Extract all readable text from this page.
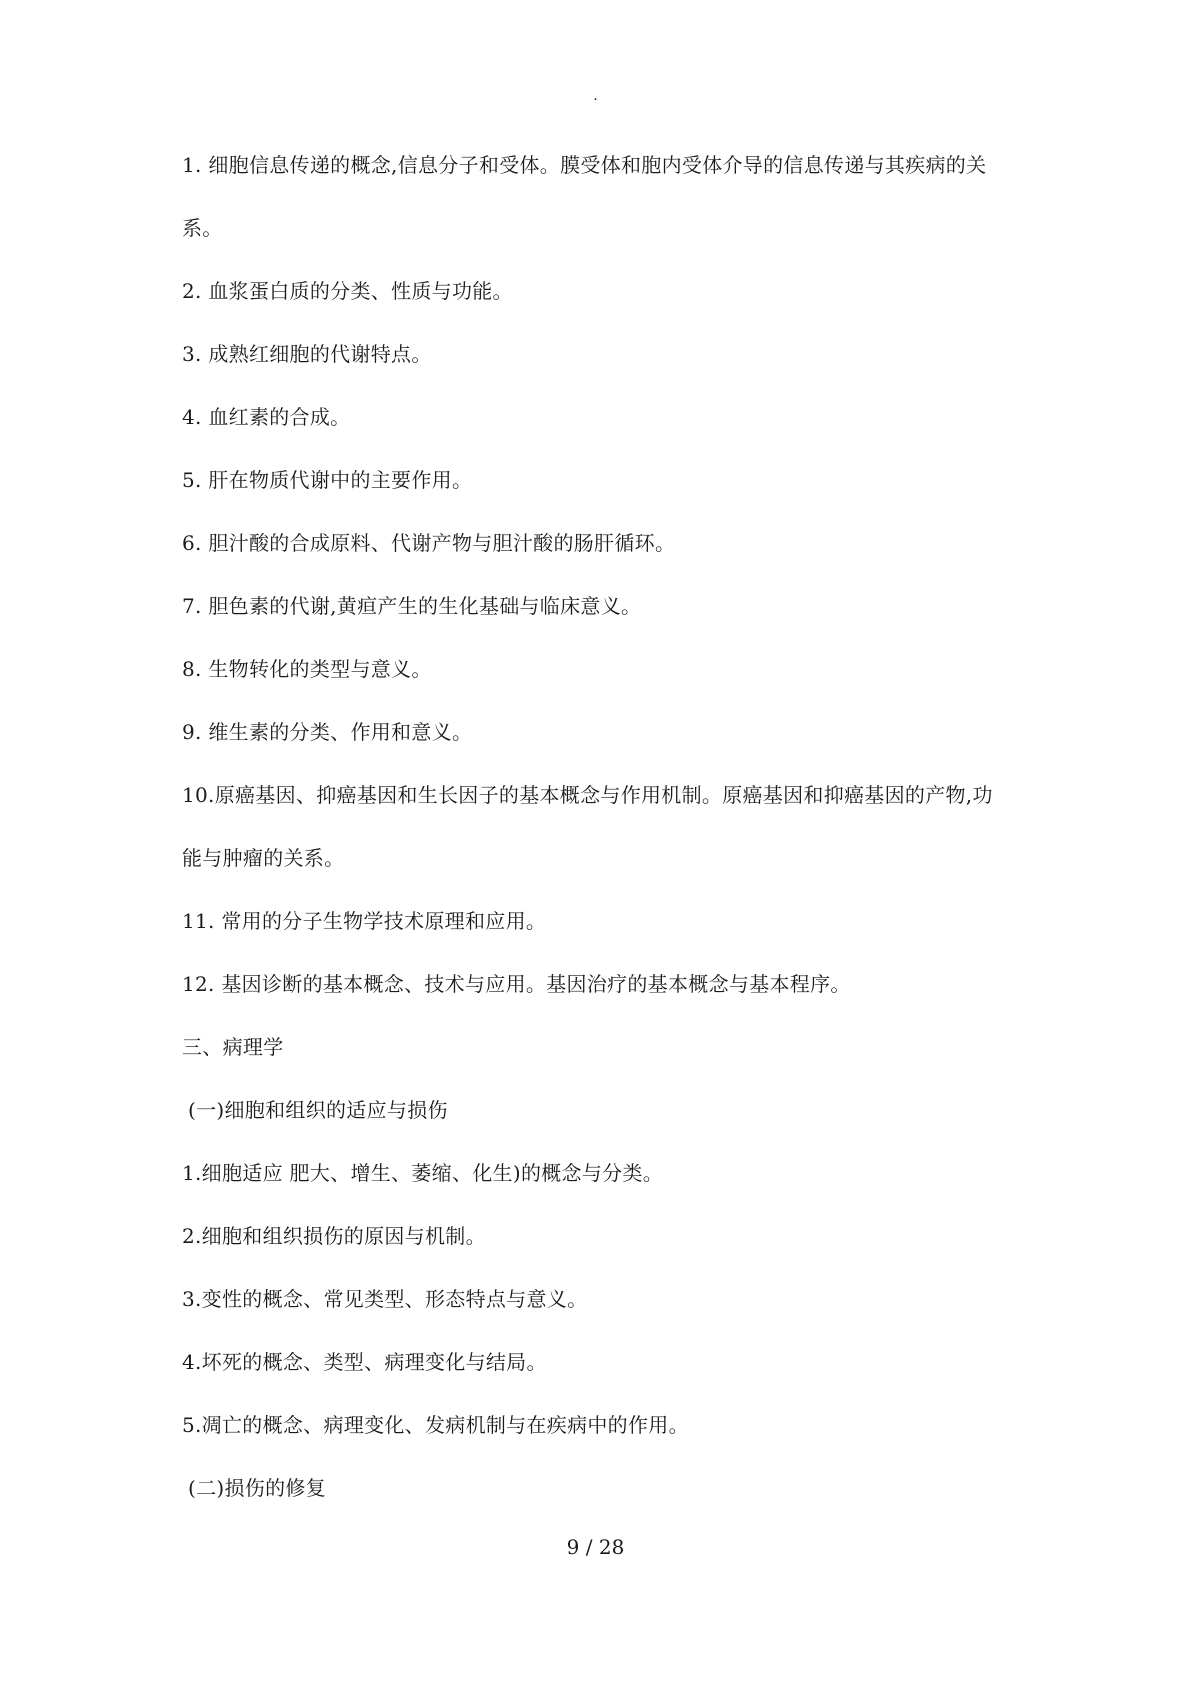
.
1. 细胞信息传递的概念,信息分子和受体。膜受体和胞内受体介导的信息传递与其疾病的关
系。
2. 血浆蛋白质的分类、性质与功能。
3. 成熟红细胞的代谢特点。
4. 血红素的合成。
5. 肝在物质代谢中的主要作用。
6. 胆汁酸的合成原料、代谢产物与胆汁酸的肠肝循环。
7. 胆色素的代谢,黄疸产生的生化基础与临床意义。
8. 生物转化的类型与意义。
9. 维生素的分类、作用和意义。
10.原癌基因、抑癌基因和生长因子的基本概念与作用机制。原癌基因和抑癌基因的产物,功
能与肿瘤的关系。
11. 常用的分子生物学技术原理和应用。
12. 基因诊断的基本概念、技术与应用。基因治疗的基本概念与基本程序。
三、病理学
(一)细胞和组织的适应与损伤
1.细胞适应 肥大、增生、萎缩、化生)的概念与分类。
2.细胞和组织损伤的原因与机制。
3.变性的概念、常见类型、形态特点与意义。
4.坏死的概念、类型、病理变化与结局。
5.凋亡的概念、病理变化、发病机制与在疾病中的作用。
(二)损伤的修复
9 / 28
